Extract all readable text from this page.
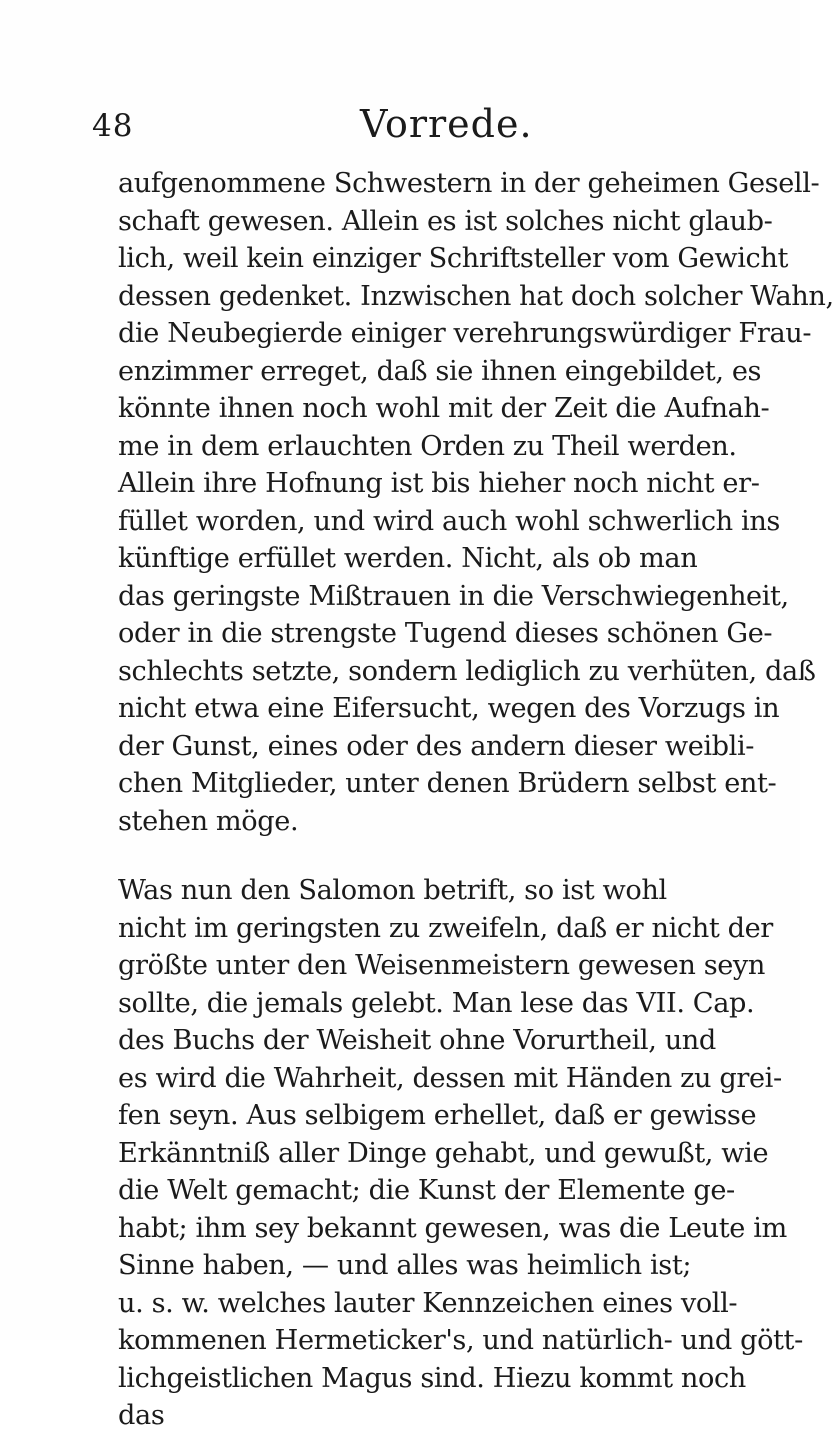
48	Vorrede.

aufgenommene Schwestern in der geheimen Gesell-

schaft gewesen. Allein es ist solches nicht glaub-

lich, weil kein einziger Schriftsteller vom Gewicht

dessen gedenket. Inzwischen hat doch solcher Wahn,

die Neubegierde einiger verehrungswürdiger Frau-

enzimmer erreget, daß sie ihnen eingebildet, es

könnte ihnen noch wohl mit der Zeit die Aufnah-

me in dem erlauchten Orden zu Theil werden.

Allein ihre Hofnung ist bis hieher noch nicht er-

füllet worden, und wird auch wohl schwerlich ins

künftige erfüllet werden. Nicht, als ob man

das geringste Mißtrauen in die Verschwiegenheit,

oder in die strengste Tugend dieses schönen Ge-

schlechts setzte, sondern lediglich zu verhüten, daß

nicht etwa eine Eifersucht, wegen des Vorzugs in

der Gunst, eines oder des andern dieser weibli-

chen Mitglieder, unter denen Brüdern selbst ent-

stehen möge.

Was nun den Salomon betrift, so ist wohl

nicht im geringsten zu zweifeln, daß er nicht der

größte unter den Weisenmeistern gewesen seyn

sollte, die jemals gelebt. Man lese das VII. Cap.

des Buchs der Weisheit ohne Vorurtheil, und

es wird die Wahrheit, dessen mit Händen zu grei-

fen seyn. Aus selbigem erhellet, daß er gewisse

Erkänntniß aller Dinge gehabt, und gewußt, wie

die Welt gemacht; die Kunst der Elemente ge-

habt; ihm sey bekannt gewesen, was die Leute im

Sinne haben, — und alles was heimlich ist;

u. s. w. welches lauter Kennzeichen eines voll-

kommenen Hermeticker's, und natürlich- und gött-

lichgeistlichen Magus sind. Hiezu kommt noch

das
